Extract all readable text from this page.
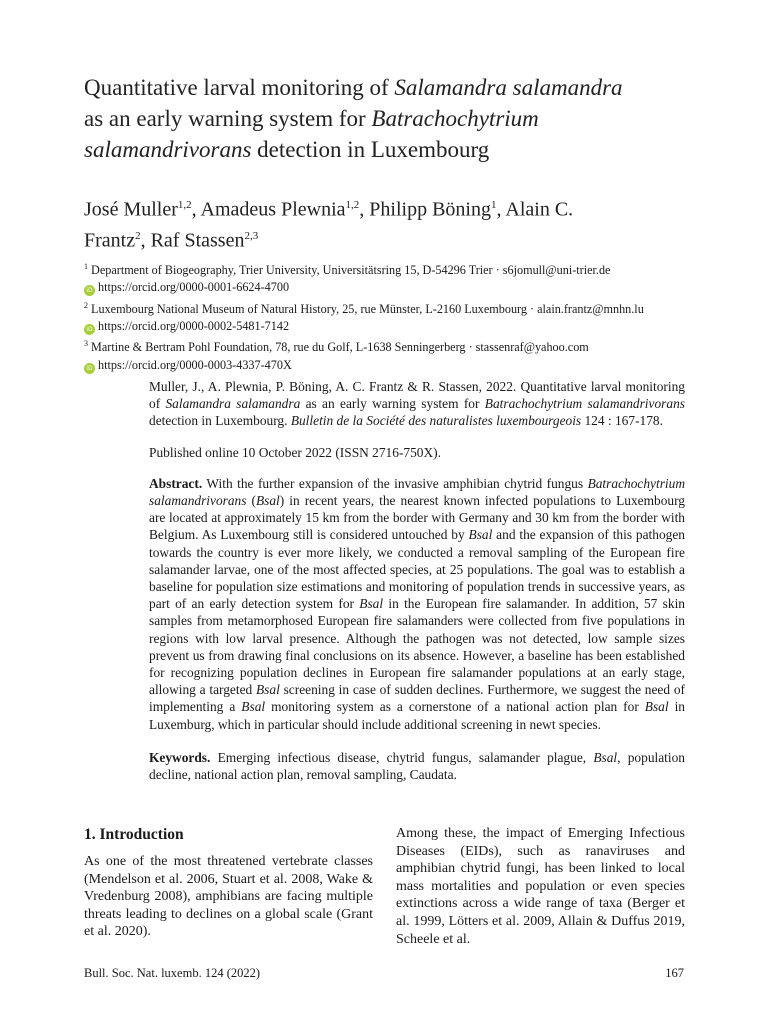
Quantitative larval monitoring of Salamandra salamandra
as an early warning system for Batrachochytrium
salamandrivorans detection in Luxembourg
José Muller$^{1,2}$, Amadeus Plewnia$^{1,2}$, Philipp Böning$^1$, Alain C.
Frantz$^2$, Raf Stassen$^{2,3}$
$^1$ Department of Biogeography, Trier University, Universitätsring 15, D-54296 Trier · s6jomull@uni-trier.de
iD https://orcid.org/0000-0001-6624-4700
$^2$ Luxembourg National Museum of Natural History, 25, rue Münster, L-2160 Luxembourg · alain.frantz@mnhn.lu
iD https://orcid.org/0000-0002-5481-7142
$^3$ Martine & Bertram Pohl Foundation, 78, rue du Golf, L-1638 Senningerberg · stassenraf@yahoo.com
iD https://orcid.org/0000-0003-4337-470X

Muller, J., A. Plewnia, P. Böning, A. C. Frantz & R. Stassen, 2022. Quantitative larval monitoring of Salamandra salamandra as an early warning system for Batrachochytrium salamandrivorans detection in Luxembourg. Bulletin de la Société des naturalistes luxembourgeois 124 : 167-178.

Published online 10 October 2022 (ISSN 2716-750X).

Abstract. With the further expansion of the invasive amphibian chytrid fungus Batrachochytrium salamandrivorans (Bsal) in recent years, the nearest known infected populations to Luxembourg are located at approximately 15 km from the border with Germany and 30 km from the border with Belgium. As Luxembourg still is considered untouched by Bsal and the expansion of this pathogen towards the country is ever more likely, we conducted a removal sampling of the European fire salamander larvae, one of the most affected species, at 25 populations. The goal was to establish a baseline for population size estimations and monitoring of population trends in successive years, as part of an early detection system for Bsal in the European fire salamander. In addition, 57 skin samples from metamorphosed European fire salamanders were collected from five populations in regions with low larval presence. Although the pathogen was not detected, low sample sizes prevent us from drawing final conclusions on its absence. However, a baseline has been established for recognizing population declines in European fire salamander populations at an early stage, allowing a targeted Bsal screening in case of sudden declines. Furthermore, we suggest the need of implementing a Bsal monitoring system as a cornerstone of a national action plan for Bsal in Luxemburg, which in particular should include additional screening in newt species.

Keywords. Emerging infectious disease, chytrid fungus, salamander plague, Bsal, population decline, national action plan, removal sampling, Caudata.

1. Introduction

As one of the most threatened vertebrate classes (Mendelson et al. 2006, Stuart et al. 2008, Wake & Vredenburg 2008), amphibians are facing multiple threats leading to declines on a global scale (Grant et al. 2020).

Among these, the impact of Emerging Infectious Diseases (EIDs), such as ranaviruses and amphibian chytrid fungi, has been linked to local mass mortalities and population or even species extinctions across a wide range of taxa (Berger et al. 1999, Lötters et al. 2009, Allain & Duffus 2019, Scheele et al.

Bull. Soc. Nat. luxemb. 124 (2022)	167
